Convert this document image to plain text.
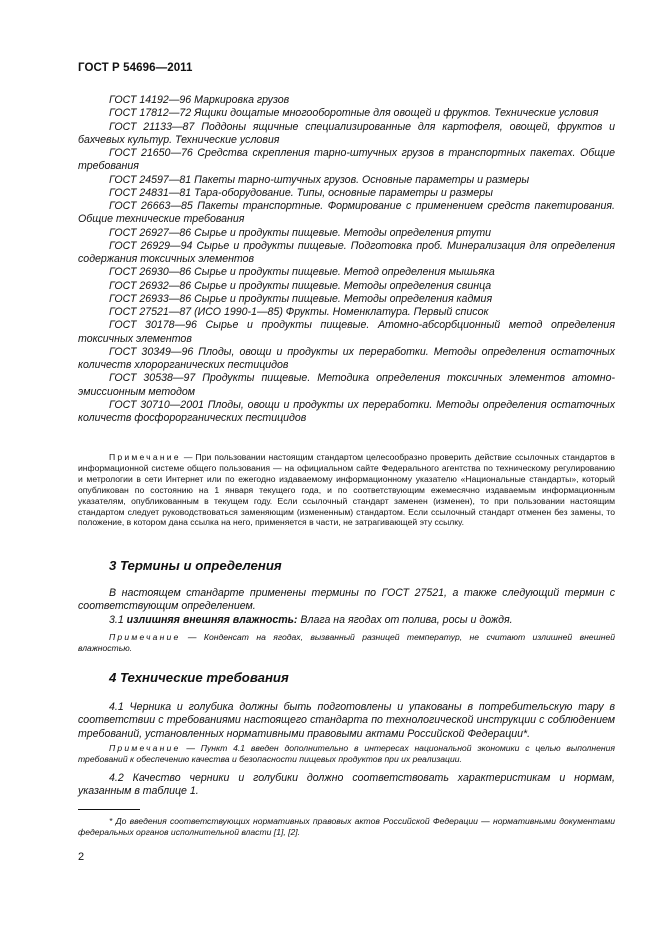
ГОСТ Р 54696—2011

ГОСТ 14192—96 Маркировка грузов

ГОСТ 17812—72 Ящики дощатые многооборотные для овощей и фруктов. Технические условия

ГОСТ 21133—87 Поддоны ящичные специализированные для картофеля, овощей, фруктов и бахчевых культур. Технические условия

ГОСТ 21650—76 Средства скрепления тарно-штучных грузов в транспортных пакетах. Общие требования

ГОСТ 24597—81 Пакеты тарно-штучных грузов. Основные параметры и размеры

ГОСТ 24831—81 Тара-оборудование. Типы, основные параметры и размеры

ГОСТ 26663—85 Пакеты транспортные. Формирование с применением средств пакетирования. Общие технические требования

ГОСТ 26927—86 Сырье и продукты пищевые. Методы определения ртути

ГОСТ 26929—94 Сырье и продукты пищевые. Подготовка проб. Минерализация для определения содержания токсичных элементов

ГОСТ 26930—86 Сырье и продукты пищевые. Метод определения мышьяка

ГОСТ 26932—86 Сырье и продукты пищевые. Методы определения свинца

ГОСТ 26933—86 Сырье и продукты пищевые. Методы определения кадмия

ГОСТ 27521—87 (ИСО 1990-1—85) Фрукты. Номенклатура. Первый список

ГОСТ 30178—96 Сырье и продукты пищевые. Атомно-абсорбционный метод определения токсичных элементов

ГОСТ 30349—96 Плоды, овощи и продукты их переработки. Методы определения остаточных количеств хлорорганических пестицидов

ГОСТ 30538—97 Продукты пищевые. Методика определения токсичных элементов атомно-эмиссионным методом

ГОСТ 30710—2001 Плоды, овощи и продукты их переработки. Методы определения остаточных количеств фосфорорганических пестицидов

Примечание — При пользовании настоящим стандартом целесообразно проверить действие ссылочных стандартов в информационной системе общего пользования — на официальном сайте Федерального агентства по техническому регулированию и метрологии в сети Интернет или по ежегодно издаваемому информационному указателю «Национальные стандарты», который опубликован по состоянию на 1 января текущего года, и по соответствующим ежемесячно издаваемым информационным указателям, опубликованным в текущем году. Если ссылочный стандарт заменен (изменен), то при пользовании настоящим стандартом следует руководствоваться заменяющим (измененным) стандартом. Если ссылочный стандарт отменен без замены, то положение, в котором дана ссылка на него, применяется в части, не затрагивающей эту ссылку.

3 Термины и определения

В настоящем стандарте применены термины по ГОСТ 27521, а также следующий термин с соответствующим определением.

3.1 излишняя внешняя влажность: Влага на ягодах от полива, росы и дождя.

Примечание — Конденсат на ягодах, вызванный разницей температур, не считают излишней внешней влажностью.

4 Технические требования

4.1 Черника и голубика должны быть подготовлены и упакованы в потребительскую тару в соответствии с требованиями настоящего стандарта по технологической инструкции с соблюдением требований, установленных нормативными правовыми актами Российской Федерации*.

Примечание — Пункт 4.1 введен дополнительно в интересах национальной экономики с целью выполнения требований к обеспечению качества и безопасности пищевых продуктов при их реализации.

4.2 Качество черники и голубики должно соответствовать характеристикам и нормам, указанным в таблице 1.

* До введения соответствующих нормативных правовых актов Российской Федерации — нормативными документами федеральных органов исполнительной власти [1], [2].

2
